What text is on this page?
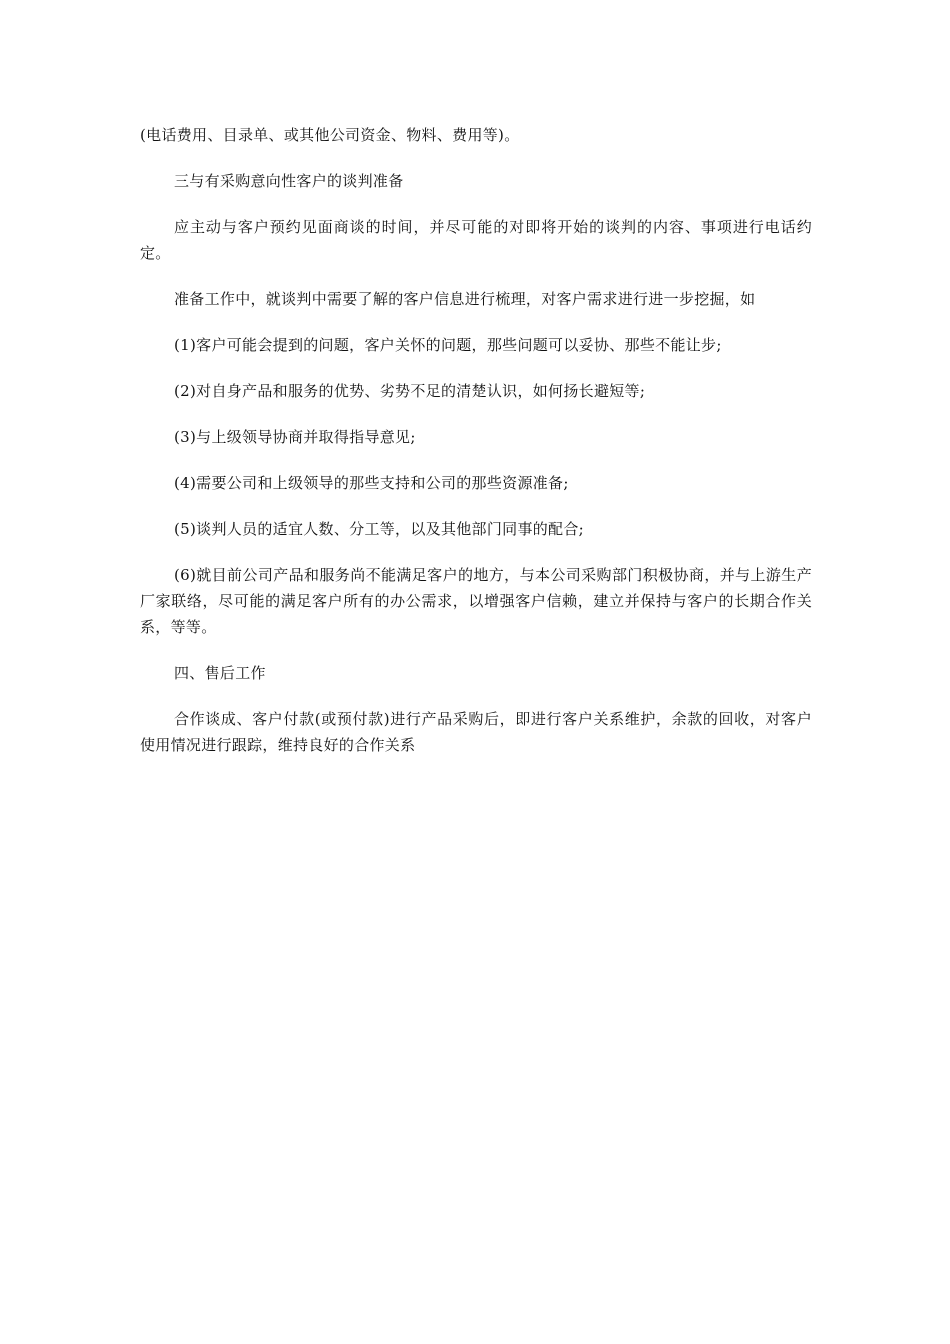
(电话费用、目录单、或其他公司资金、物料、费用等)。

三与有采购意向性客户的谈判准备

应主动与客户预约见面商谈的时间，并尽可能的对即将开始的谈判的内容、事项进行电话约定。

准备工作中，就谈判中需要了解的客户信息进行梳理，对客户需求进行进一步挖掘，如

(1)客户可能会提到的问题，客户关怀的问题，那些问题可以妥协、那些不能让步;

(2)对自身产品和服务的优势、劣势不足的清楚认识，如何扬长避短等;

(3)与上级领导协商并取得指导意见;

(4)需要公司和上级领导的那些支持和公司的那些资源准备;

(5)谈判人员的适宜人数、分工等，以及其他部门同事的配合;

(6)就目前公司产品和服务尚不能满足客户的地方，与本公司采购部门积极协商，并与上游生产厂家联络，尽可能的满足客户所有的办公需求，以增强客户信赖，建立并保持与客户的长期合作关系，等等。

四、售后工作

合作谈成、客户付款(或预付款)进行产品采购后，即进行客户关系维护，余款的回收，对客户使用情况进行跟踪，维持良好的合作关系
